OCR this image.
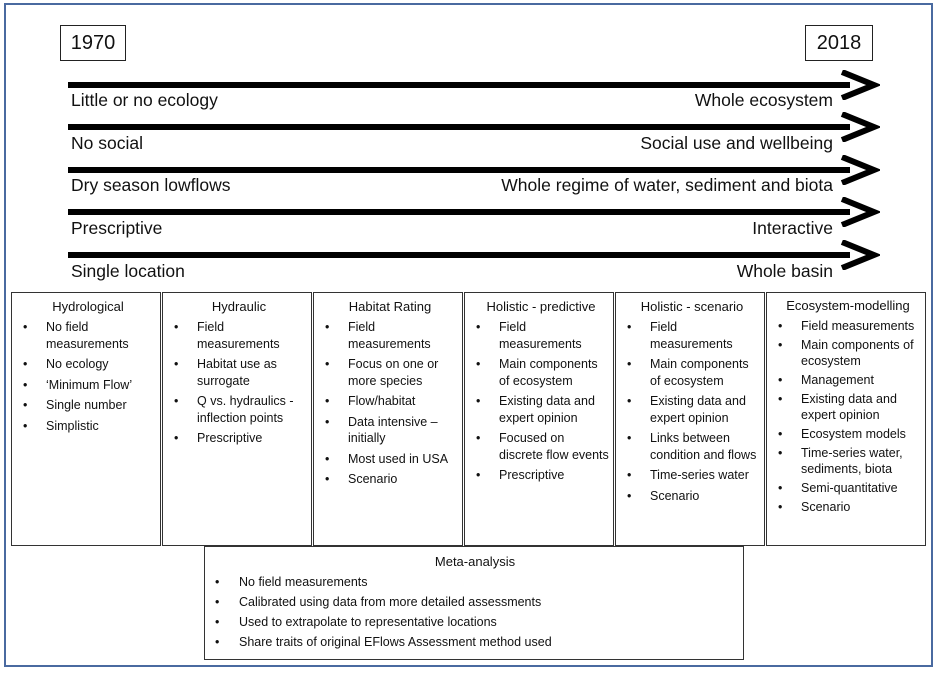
1970	2018
Little or no ecology	Whole ecosystem
No social	Social use and wellbeing
Dry season lowflows	Whole regime of water, sediment and biota
Prescriptive	Interactive
Single location	Whole basin
Hydrological
• No field measurements
• No ecology
• ‘Minimum Flow’
• Single number
• Simplistic
Hydraulic
• Field measurements
• Habitat use as surrogate
• Q vs. hydraulics - inflection points
• Prescriptive
Habitat Rating
• Field measurements
• Focus on one or more species
• Flow/habitat
• Data intensive – initially
• Most used in USA
• Scenario
Holistic - predictive
• Field measurements
• Main components of ecosystem
• Existing data and expert opinion
• Focused on discrete flow events
• Prescriptive
Holistic - scenario
• Field measurements
• Main components of ecosystem
• Existing data and expert opinion
• Links between condition and flows
• Time-series water
• Scenario
Ecosystem-modelling
• Field measurements
• Main components of ecosystem
• Management
• Existing data and expert opinion
• Ecosystem models
• Time-series water, sediments, biota
• Semi-quantitative
• Scenario
Meta-analysis
• No field measurements
• Calibrated using data from more detailed assessments
• Used to extrapolate to representative locations
• Share traits of original EFlows Assessment method used
